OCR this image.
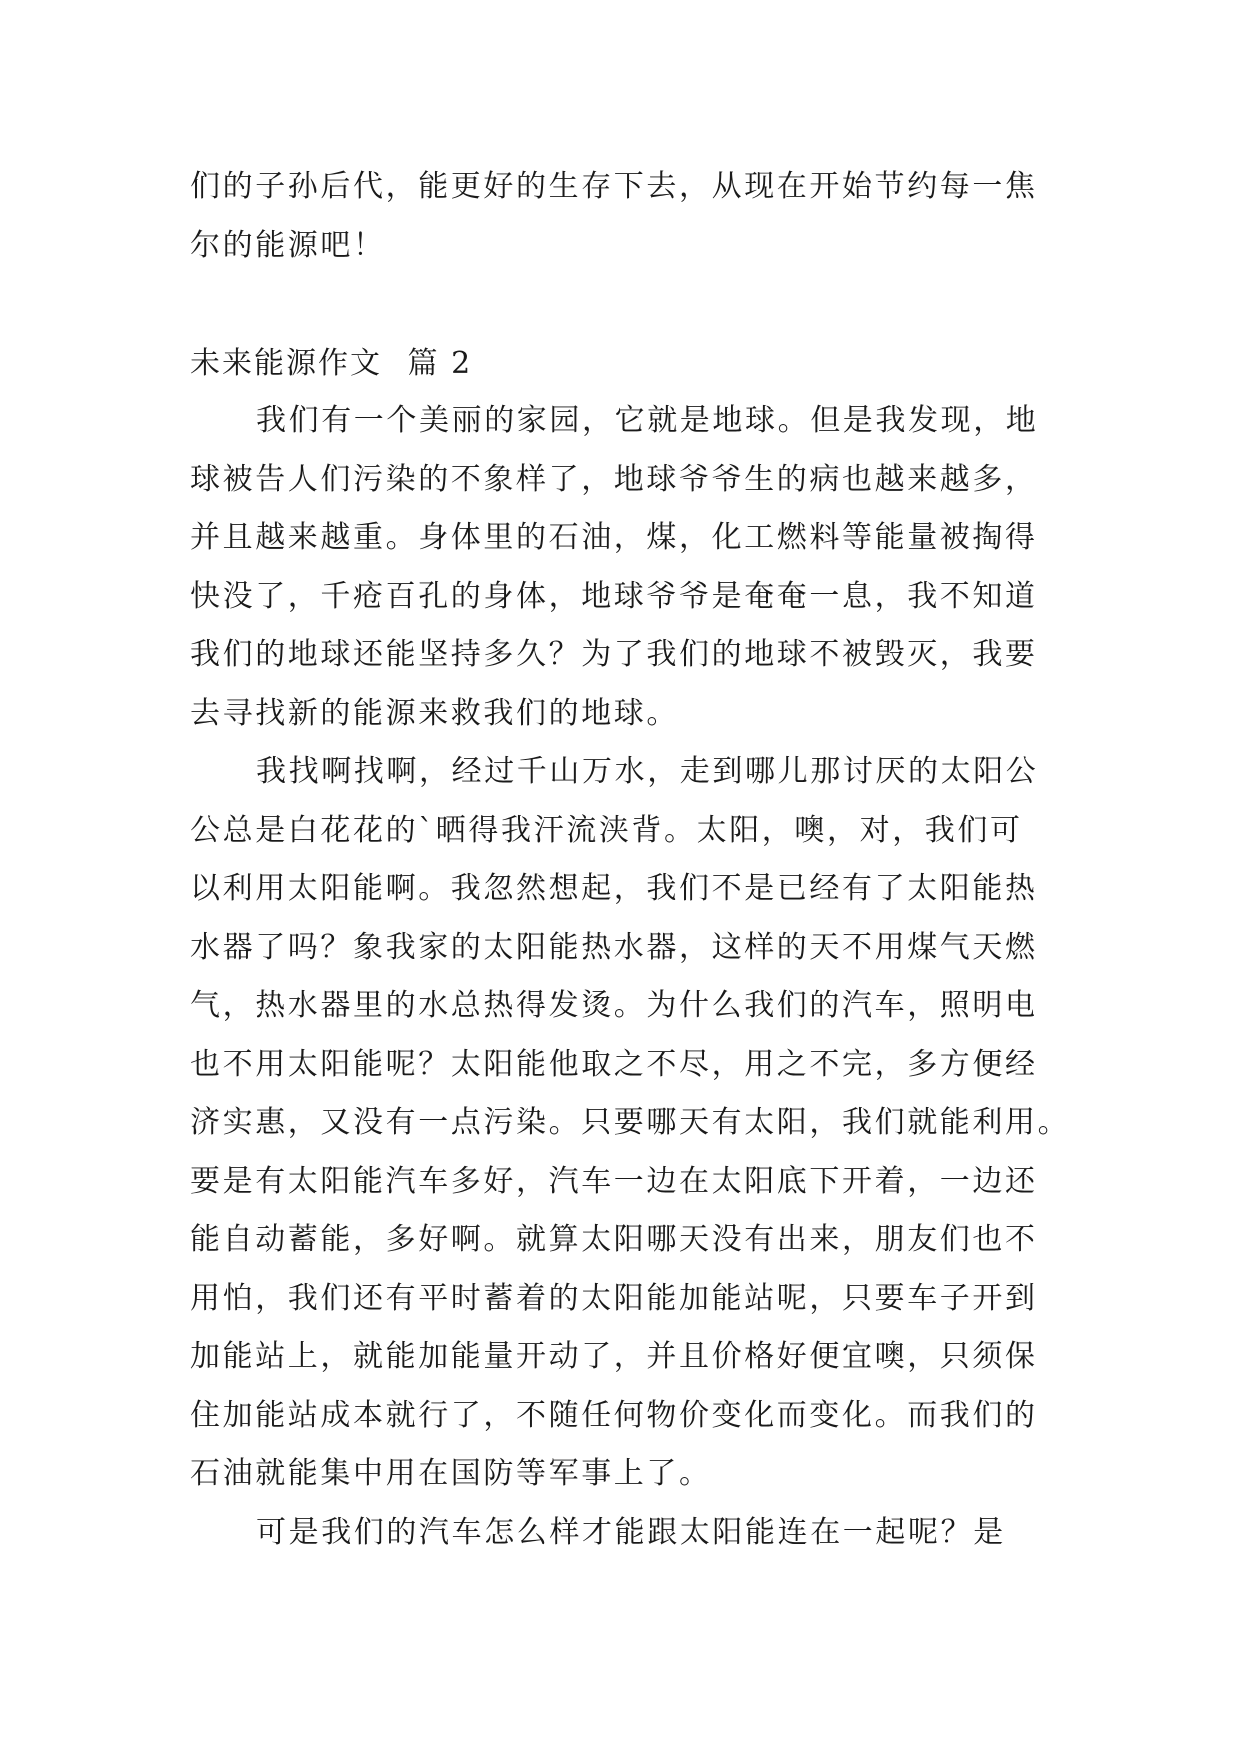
们的子孙后代，能更好的生存下去，从现在开始节约每一焦
尔的能源吧！
未来能源作文 篇 2
我们有一个美丽的家园，它就是地球。但是我发现，地
球被告人们污染的不象样了，地球爷爷生的病也越来越多，
并且越来越重。身体里的石油，煤，化工燃料等能量被掏得
快没了，千疮百孔的身体，地球爷爷是奄奄一息，我不知道
我们的地球还能坚持多久？为了我们的地球不被毁灭，我要
去寻找新的能源来救我们的地球。
我找啊找啊，经过千山万水，走到哪儿那讨厌的太阳公
公总是白花花的`晒得我汗流浃背。太阳，噢，对，我们可
以利用太阳能啊。我忽然想起，我们不是已经有了太阳能热
水器了吗？象我家的太阳能热水器，这样的天不用煤气天燃
气，热水器里的水总热得发烫。为什么我们的汽车，照明电
也不用太阳能呢？太阳能他取之不尽，用之不完，多方便经
济实惠，又没有一点污染。只要哪天有太阳，我们就能利用。
要是有太阳能汽车多好，汽车一边在太阳底下开着，一边还
能自动蓄能，多好啊。就算太阳哪天没有出来，朋友们也不
用怕，我们还有平时蓄着的太阳能加能站呢，只要车子开到
加能站上，就能加能量开动了，并且价格好便宜噢，只须保
住加能站成本就行了，不随任何物价变化而变化。而我们的
石油就能集中用在国防等军事上了。
可是我们的汽车怎么样才能跟太阳能连在一起呢？是
